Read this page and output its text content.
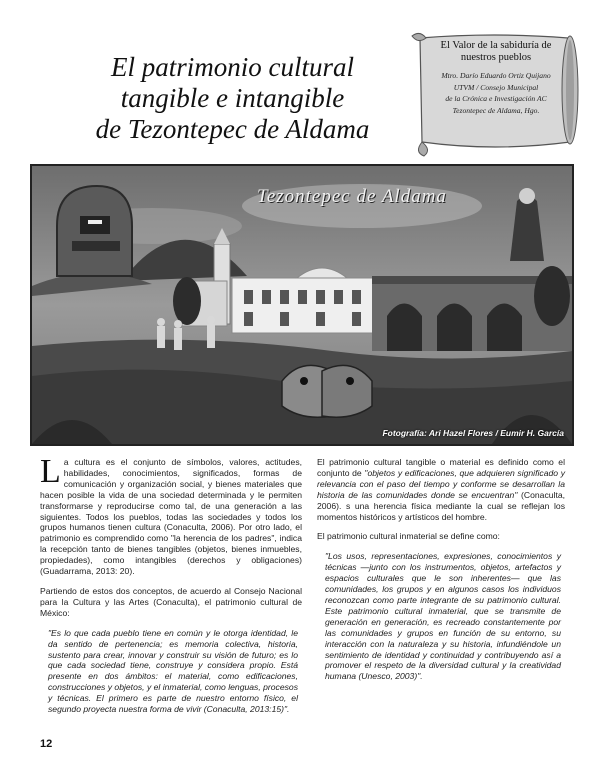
El patrimonio cultural
tangible e intangible
de Tezontepec de Aldama
El Valor de la sabiduría de nuestros pueblos
Mtro. Darío Eduardo Ortiz Quijano
UTVM / Consejo Municipal
de la Crónica e Investigación AC
Tezontepec de Aldama, Hgo.
Tezontepec de Aldama
Fotografía: Ari Hazel Flores / Eumir H. García

La cultura es el conjunto de símbolos, valores, actitudes, habilidades, conocimientos, significados, formas de comunicación y organización social, y bienes materiales que hacen posible la vida de una sociedad determinada y le permiten transformarse y reproducirse como tal, de una generación a las siguientes. Todos los pueblos, todas las sociedades y todos los grupos humanos tienen cultura (Conaculta, 2006). Por otro lado, el patrimonio es comprendido como "la herencia de los padres", indica la recepción tanto de bienes tangibles (objetos, bienes inmuebles, propiedades), como intangibles (derechos y obligaciones) (Guadarrama, 2013: 20).

Partiendo de estos dos conceptos, de acuerdo al Consejo Nacional para la Cultura y las Artes (Conaculta), el patrimonio cultural de México:

"Es lo que cada pueblo tiene en común y le otorga identidad, le da sentido de pertenencia; es memoria colectiva, historia, sustento para crear, innovar y construir su visión de futuro; es lo que cada sociedad tiene, construye y considera propio. Está presente en dos ámbitos: el material, como edificaciones, construcciones y objetos, y el inmaterial, como lenguas, procesos y técnicas. El primero es parte de nuestro entorno físico, el segundo proyecta nuestra forma de vivir (Conaculta, 2013:15)".

El patrimonio cultural tangible o material es definido como el conjunto de "objetos y edificaciones, que adquieren significado y relevancia con el paso del tiempo y conforme se desarrollan la historia de las comunidades donde se encuentran" (Conaculta, 2006). s una herencia física mediante la cual se reflejan los momentos históricos y artísticos del hombre.

El patrimonio cultural inmaterial se define como:

"Los usos, representaciones, expresiones, conocimientos y técnicas —junto con los instrumentos, objetos, artefactos y espacios culturales que le son inherentes— que las comunidades, los grupos y en algunos casos los individuos reconozcan como parte integrante de su patrimonio cultural. Este patrimonio cultural inmaterial, que se transmite de generación en generación, es recreado constantemente por las comunidades y grupos en función de su entorno, su interacción con la naturaleza y su historia, infundiéndole un sentimiento de identidad y continuidad y contribuyendo así a promover el respeto de la diversidad cultural y la creatividad humana (Unesco, 2003)".

12
